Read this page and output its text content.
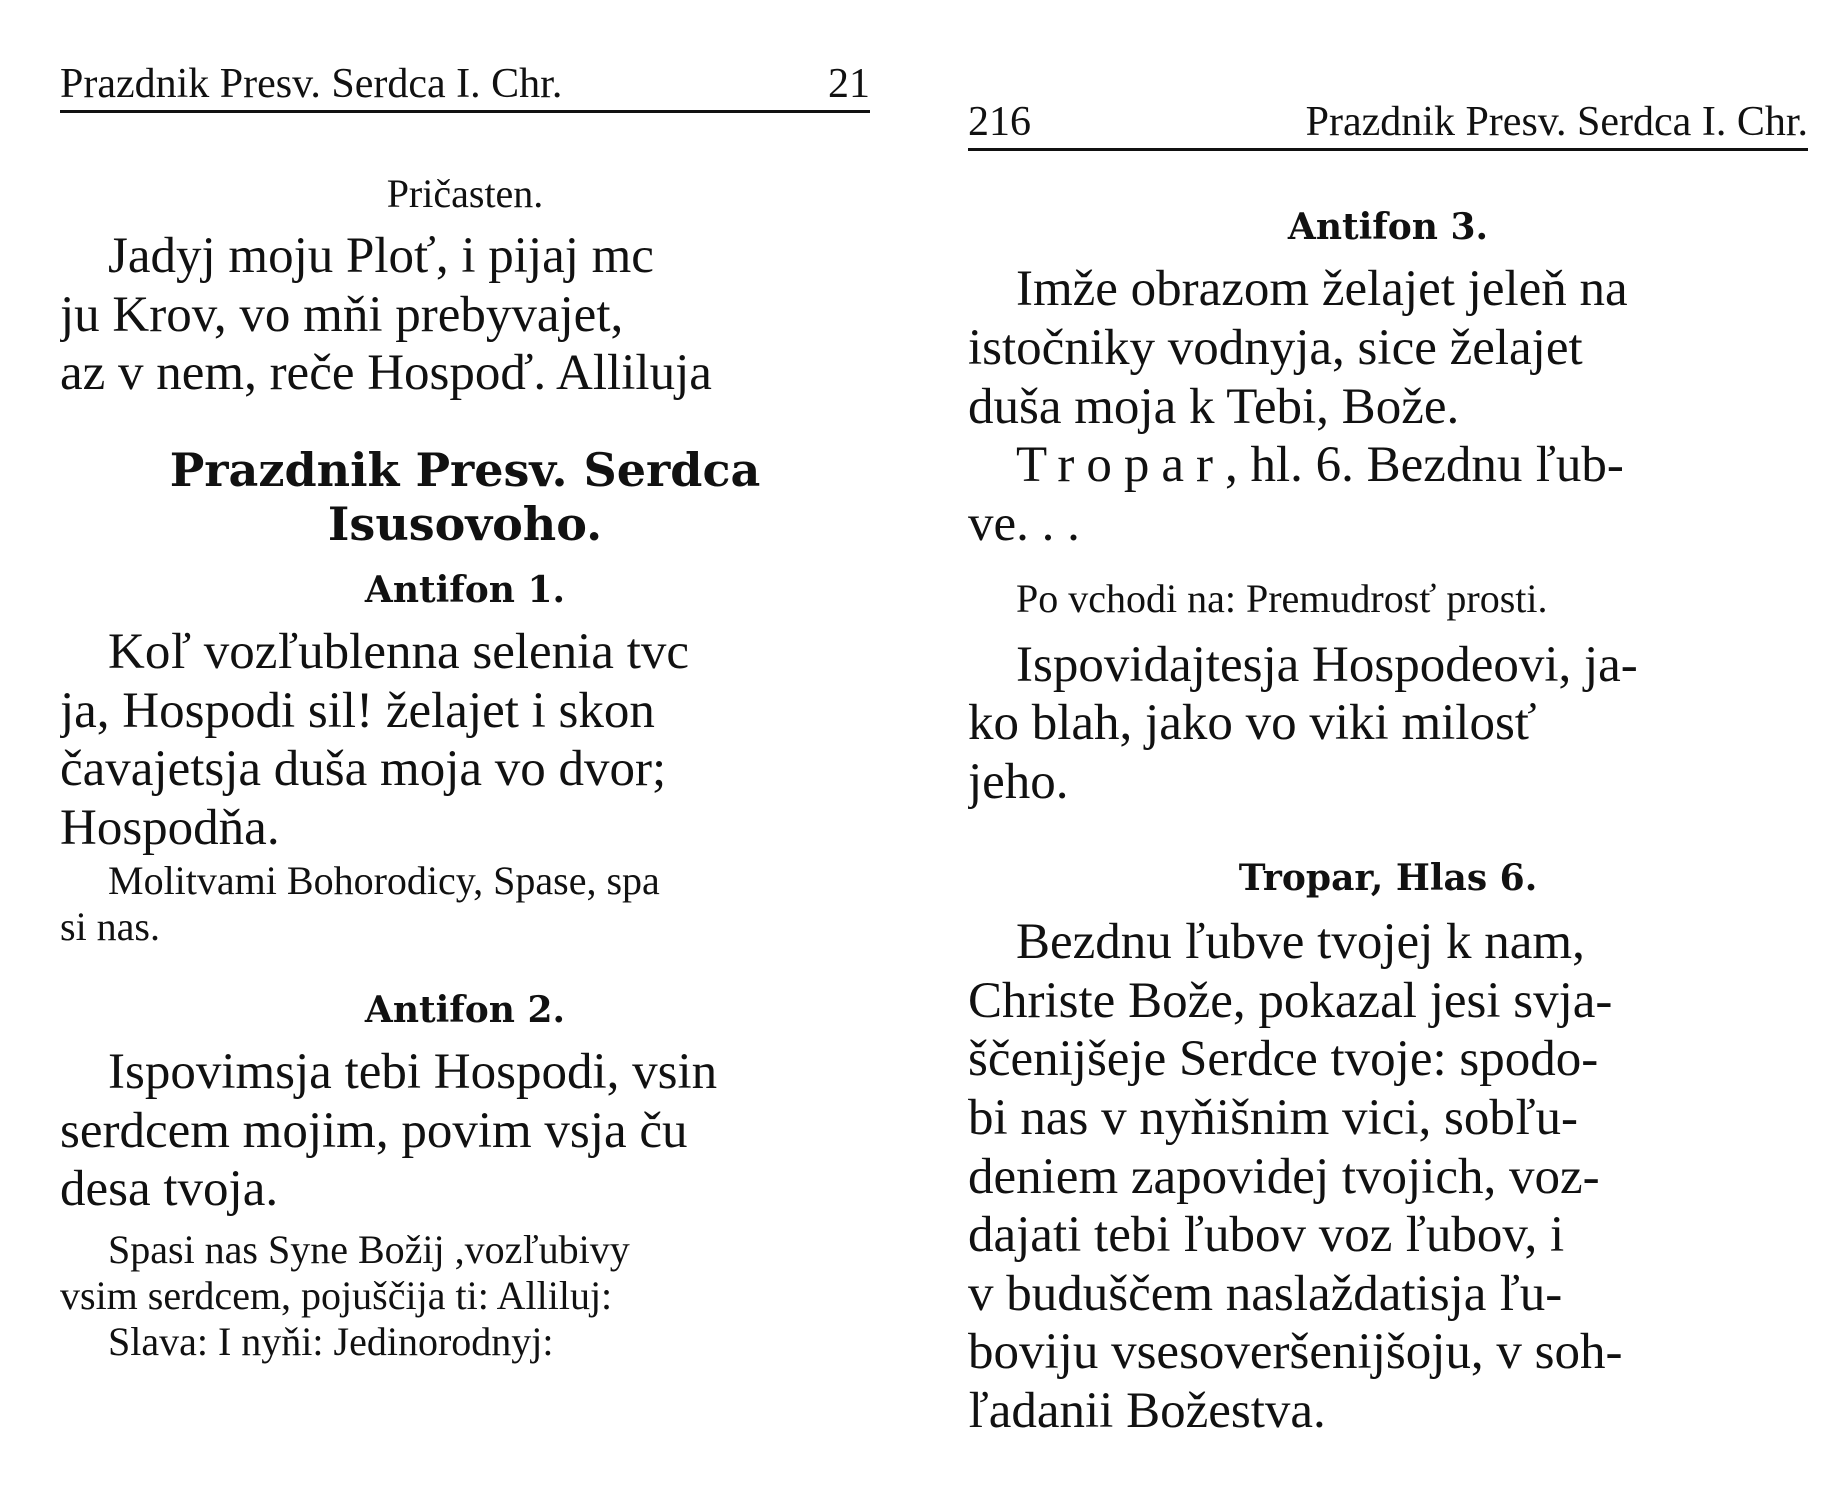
Prazdnik Presv. Serdca I. Chr.	21

Pričasten.

Jadyj moju Ploť, i pijaj mc
ju Krov, vo mňi prebyvajet,
az v nem, reče Hospoď. Alliluja

Prazdnik Presv. Serdca
Isusovoho.

Antifon 1.

Koľ vozľublenna selenia tvc
ja, Hospodi sil! želajet i skon
čavajetsja duša moja vo dvor;
Hospodňa.

Molitvami Bohorodicy, Spase, spa
si nas.

Antifon 2.

Ispovimsja tebi Hospodi, vsin
serdcem mojim, povim vsja ču
desa tvoja.

Spasi nas Syne Božij ,vozľubivy
vsim serdcem, pojuščija ti: Alliluj:
Slava: I nyňi: Jedinorodnyj:

216	Prazdnik Presv. Serdca I. Chr.

Antifon 3.

Imže obrazom želajet jeleň na
istočniky vodnyja, sice želajet
duša moja k Tebi, Bože.
Tropar, hl. 6. Bezdnu ľub-
ve. . .

Po vchodi na: Premudrosť prosti.

Ispovidajtesja Hospodeovi, ja-
ko blah, jako vo viki milosť
jeho.

Tropar, Hlas 6.

Bezdnu ľubve tvojej k nam,
Christe Bože, pokazal jesi svja-
ščenijšeje Serdce tvoje: spodo-
bi nas v nyňišnim vici, sobľu-
deniem zapovidej tvojich, voz-
dajati tebi ľubov voz ľubov, i
v buduščem naslaždatisja ľu-
boviju vsesoveršenijšoju, v soh-
ľadanii Božestva.
